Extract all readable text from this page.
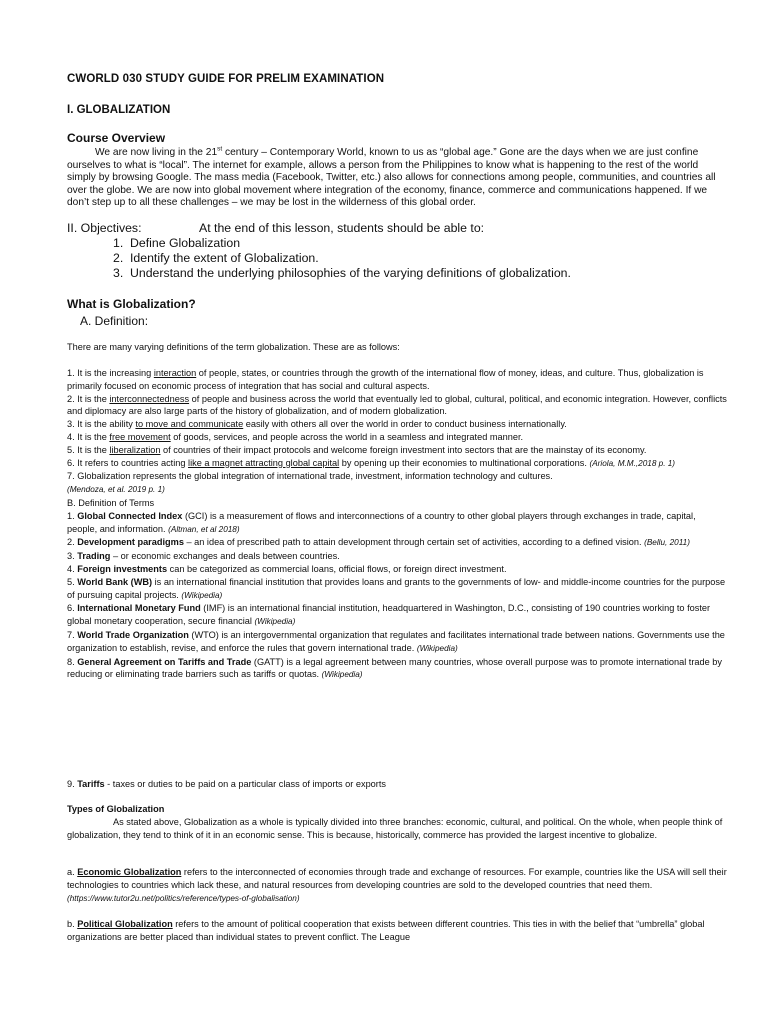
CWORLD 030 STUDY GUIDE FOR PRELIM EXAMINATION
I. GLOBALIZATION
Course Overview
We are now living in the 21st century – Contemporary World, known to us as “global age.” Gone are the days when we are just confine ourselves to what is “local”. The internet for example, allows a person from the Philippines to know what is happening to the rest of the world simply by browsing Google. The mass media (Facebook, Twitter, etc.) also allows for connections among people, communities, and countries all over the globe. We are now into global movement where integration of the economy, finance, commerce and communications happened. If we don’t step up to all these challenges – we may be lost in the wilderness of this global order.
II. Objectives:	At the end of this lesson, students should be able to:
1. Define Globalization
2. Identify the extent of Globalization.
3. Understand the underlying philosophies of the varying definitions of globalization.
What is Globalization?
A. Definition:
There are many varying definitions of the term globalization. These are as follows:
1. It is the increasing interaction of people, states, or countries through the growth of the international flow of money, ideas, and culture. Thus, globalization is primarily focused on economic process of integration that has social and cultural aspects.
2. It is the interconnectedness of people and business across the world that eventually led to global, cultural, political, and economic integration. However, conflicts and diplomacy are also large parts of the history of globalization, and of modern globalization.
3. It is the ability to move and communicate easily with others all over the world in order to conduct business internationally.
4. It is the free movement of goods, services, and people across the world in a seamless and integrated manner.
5. It is the liberalization of countries of their impact protocols and welcome foreign investment into sectors that are the mainstay of its economy.
6. It refers to countries acting like a magnet attracting global capital by opening up their economies to multinational corporations. (Ariola, M.M.,2018 p. 1)
7. Globalization represents the global integration of international trade, investment, information technology and cultures.
(Mendoza, et al. 2019 p. 1)
B. Definition of Terms
1. Global Connected Index (GCI) is a measurement of flows and interconnections of a country to other global players through exchanges in trade, capital, people, and information. (Altman, et al 2018)
2. Development paradigms – an idea of prescribed path to attain development through certain set of activities, according to a defined vision. (Bellu, 2011)
3. Trading – or economic exchanges and deals between countries.
4. Foreign investments can be categorized as commercial loans, official flows, or foreign direct investment.
5. World Bank (WB) is an international financial institution that provides loans and grants to the governments of low- and middle-income countries for the purpose of pursuing capital projects. (Wikipedia)
6. International Monetary Fund (IMF) is an international financial institution, headquartered in Washington, D.C., consisting of 190 countries working to foster global monetary cooperation, secure financial (Wikipedia)
7. World Trade Organization (WTO) is an intergovernmental organization that regulates and facilitates international trade between nations. Governments use the organization to establish, revise, and enforce the rules that govern international trade. (Wikipedia)
8. General Agreement on Tariffs and Trade (GATT) is a legal agreement between many countries, whose overall purpose was to promote international trade by reducing or eliminating trade barriers such as tariffs or quotas. (Wikipedia)
9. Tariffs - taxes or duties to be paid on a particular class of imports or exports
Types of Globalization
As stated above, Globalization as a whole is typically divided into three branches: economic, cultural, and political. On the whole, when people think of globalization, they tend to think of it in an economic sense. This is because, historically, commerce has provided the largest incentive to globalize.
a. Economic Globalization refers to the interconnected of economies through trade and exchange of resources. For example, countries like the USA will sell their technologies to countries which lack these, and natural resources from developing countries are sold to the developed countries that need them. (https://www.tutor2u.net/politics/reference/types-of-globalisation)
b. Political Globalization refers to the amount of political cooperation that exists between different countries. This ties in with the belief that “umbrella” global organizations are better placed than individual states to prevent conflict. The League
